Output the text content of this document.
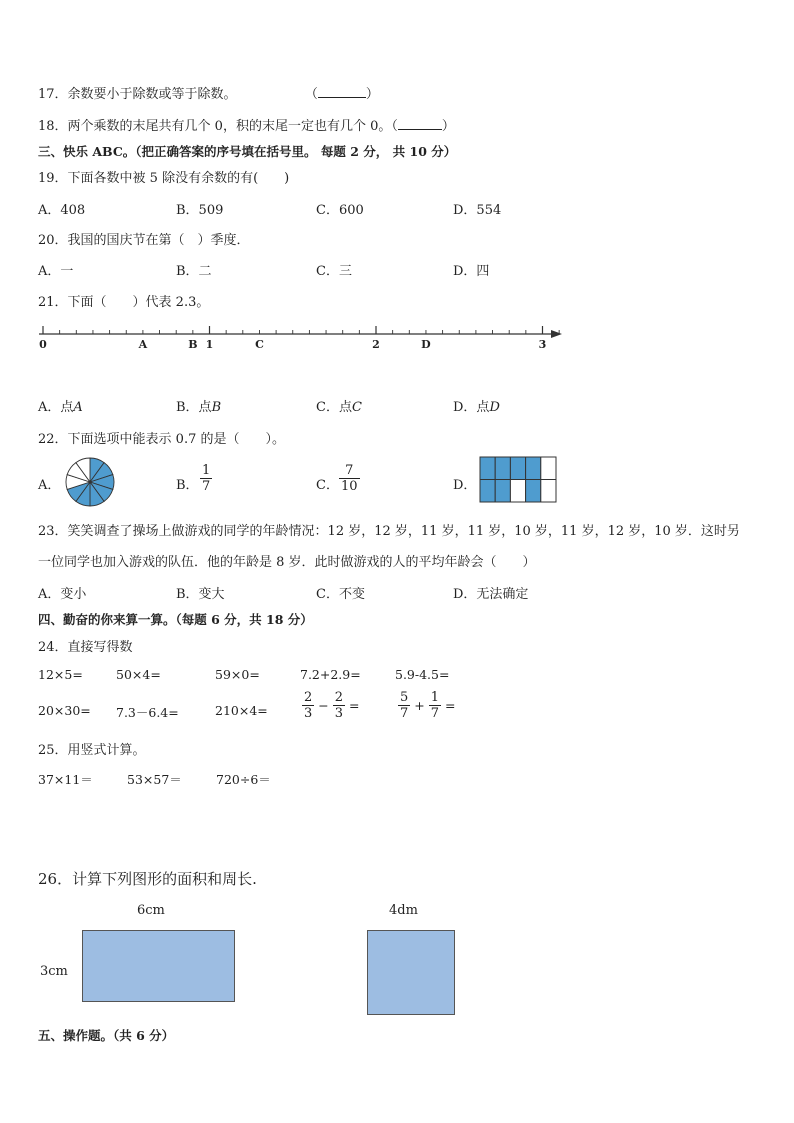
17．余数要小于除数或等于除数。	（	）
18．两个乘数的末尾共有几个 0，积的末尾一定也有几个 0。（	）
三、快乐 ABC。（把正确答案的序号填在括号里。 每题 2 分， 共 10 分）
19．下面各数中被 5 除没有余数的有(　　)
A．408	B．509	C．600	D．554
20．我国的国庆节在第（　）季度．
A．一	B．二	C．三	D．四
21．下面（　　）代表 2.3。
0	A	B 1	C	2	D	3
A．点A	B．点B	C．点C	D．点D
22．下面选项中能表示 0.7 的是（　　）。
A．	B． $\frac{1}{7}$	C． $\frac{7}{10}$	D．
23．笑笑调查了操场上做游戏的同学的年龄情况：12 岁，12 岁，11 岁，11 岁，10 岁，11 岁，12 岁，10 岁．这时另
一位同学也加入游戏的队伍．他的年龄是 8 岁．此时做游戏的人的平均年龄会（　　）
A．变小	B．变大	C．不变	D．无法确定
四、勤奋的你来算一算。（每题 6 分，共 18 分）
24．直接写得数
12×5=	50×4=	59×0=	7.2+2.9=	5.9-4.5=
20×30= 7.3－6.4=	210×4=	$\frac{2}{3} - \frac{2}{3}$ =	$\frac{5}{7} + \frac{1}{7}$ =
25．用竖式计算。
37×11＝	53×57＝	720÷6＝
26．计算下列图形的面积和周长.
6cm
3cm
4dm
五、操作题。（共 6 分）
